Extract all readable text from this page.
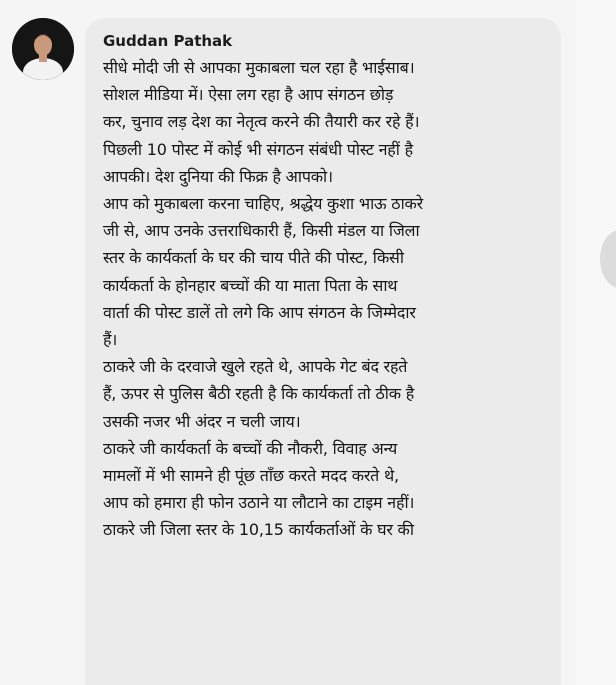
Guddan Pathak
सीधे मोदी जी से आपका मुकाबला चल रहा है भाईसाब।
सोशल मीडिया में। ऐसा लग रहा है आप संगठन छोड़
कर, चुनाव लड़ देश का नेतृत्व करने की तैयारी कर रहे हैं।
पिछली 10 पोस्ट में कोई भी संगठन संबंधी पोस्ट नहीं है
आपकी। देश दुनिया की फिक्र है आपको।
आप को मुकाबला करना चाहिए, श्रद्धेय कुशा भाऊ ठाकरे
जी से, आप उनके उत्तराधिकारी हैं, किसी मंडल या जिला
स्तर के कार्यकर्ता के घर की चाय पीते की पोस्ट, किसी
कार्यकर्ता के होनहार बच्चों की या माता पिता के साथ
वार्ता की पोस्ट डालें तो लगे कि आप संगठन के जिम्मेदार
हैं।
ठाकरे जी के दरवाजे खुले रहते थे, आपके गेट बंद रहते
हैं, ऊपर से पुलिस बैठी रहती है कि कार्यकर्ता तो ठीक है
उसकी नजर भी अंदर न चली जाय।
ठाकरे जी कार्यकर्ता के बच्चों की नौकरी, विवाह अन्य
मामलों में भी सामने ही पूंछ ताँछ करते मदद करते थे,
आप को हमारा ही फोन उठाने या लौटाने का टाइम नहीं।
ठाकरे जी जिला स्तर के 10,15 कार्यकर्ताओं के घर की
